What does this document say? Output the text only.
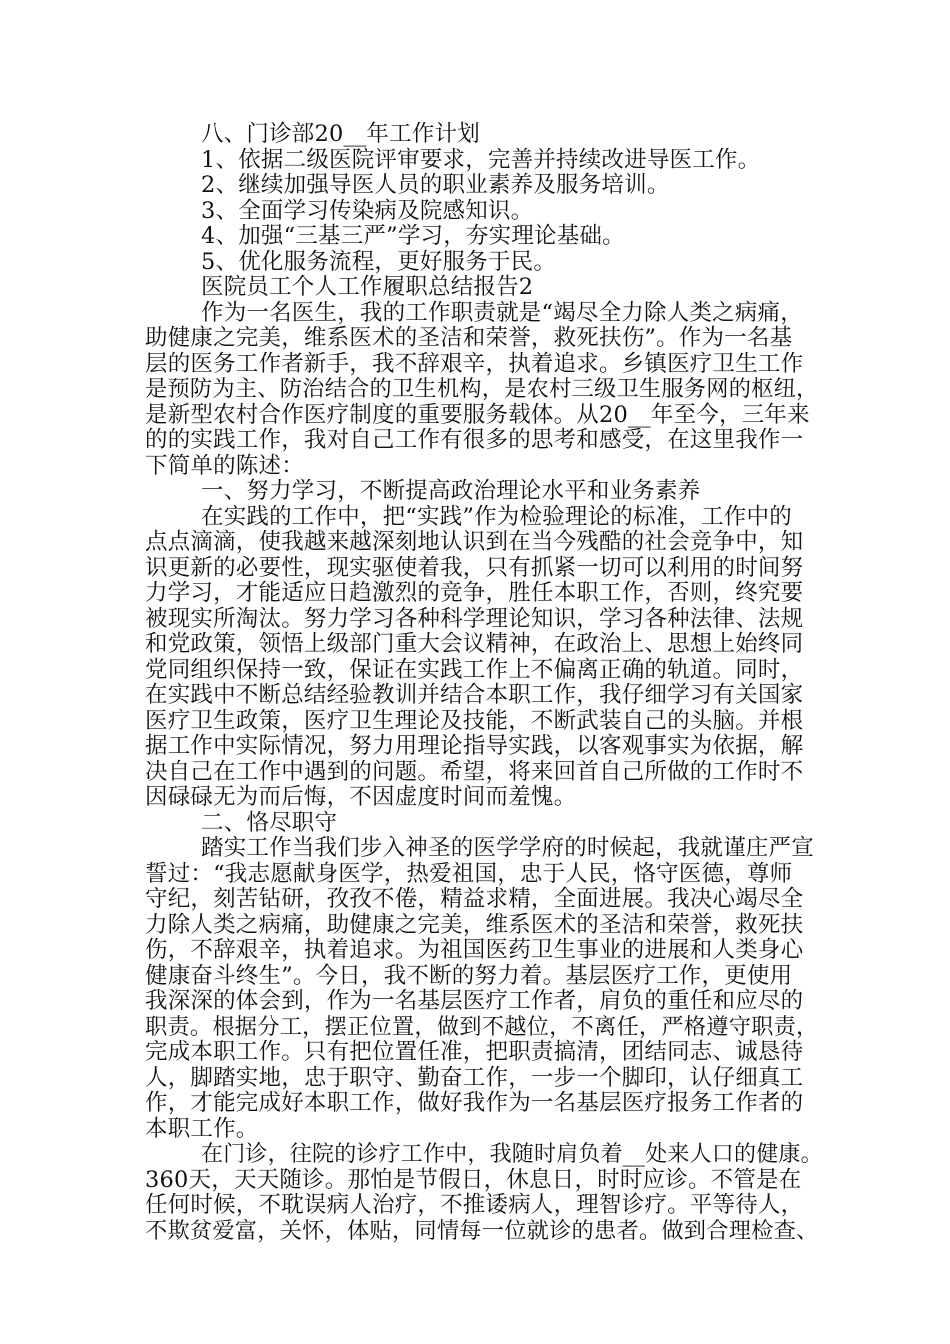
八、门诊部20__年工作计划
1、依据二级医院评审要求，完善并持续改进导医工作。
2、继续加强导医人员的职业素养及服务培训。
3、全面学习传染病及院感知识。
4、加强“三基三严”学习，夯实理论基础。
5、优化服务流程，更好服务于民。
医院员工个人工作履职总结报告2
作为一名医生，我的工作职责就是“竭尽全力除人类之病痛，
助健康之完美，维系医术的圣洁和荣誉，救死扶伤”。作为一名基
层的医务工作者新手，我不辞艰辛，执着追求。乡镇医疗卫生工作
是预防为主、防治结合的卫生机构，是农村三级卫生服务网的枢纽，
是新型农村合作医疗制度的重要服务载体。从20__年至今，三年来
的的实践工作，我对自己工作有很多的思考和感受，在这里我作一
下简单的陈述：
一、努力学习，不断提高政治理论水平和业务素养
在实践的工作中，把“实践”作为检验理论的标准，工作中的
点点滴滴，使我越来越深刻地认识到在当今残酷的社会竞争中，知
识更新的必要性，现实驱使着我，只有抓紧一切可以利用的时间努
力学习，才能适应日趋激烈的竞争，胜任本职工作，否则，终究要
被现实所淘汰。努力学习各种科学理论知识，学习各种法律、法规
和党政策，领悟上级部门重大会议精神，在政治上、思想上始终同
党同组织保持一致，保证在实践工作上不偏离正确的轨道。同时，
在实践中不断总结经验教训并结合本职工作，我仔细学习有关国家
医疗卫生政策，医疗卫生理论及技能，不断武装自己的头脑。并根
据工作中实际情况，努力用理论指导实践，以客观事实为依据，解
决自己在工作中遇到的问题。希望，将来回首自己所做的工作时不
因碌碌无为而后悔，不因虚度时间而羞愧。
二、恪尽职守
踏实工作当我们步入神圣的医学学府的时候起，我就谨庄严宣
誓过：“我志愿献身医学，热爱祖国，忠于人民，恪守医德，尊师
守纪，刻苦钻研，孜孜不倦，精益求精，全面进展。我决心竭尽全
力除人类之病痛，助健康之完美，维系医术的圣洁和荣誉，救死扶
伤，不辞艰辛，执着追求。为祖国医药卫生事业的进展和人类身心
健康奋斗终生”。今日，我不断的努力着。基层医疗工作，更使用
我深深的体会到，作为一名基层医疗工作者，肩负的重任和应尽的
职责。根据分工，摆正位置，做到不越位，不离任，严格遵守职责，
完成本职工作。只有把位置任准，把职责搞清，团结同志、诚恳待
人，脚踏实地，忠于职守、勤奋工作，一步一个脚印，认仔细真工
作，才能完成好本职工作，做好我作为一名基层医疗报务工作者的
本职工作。
在门诊，往院的诊疗工作中，我随时肩负着__处来人口的健康。
360天，天天随诊。那怕是节假日，休息日，时时应诊。不管是在
任何时候，不耽误病人治疗，不推诿病人，理智诊疗。平等待人，
不欺贫爱富，关怀，体贴，同情每一位就诊的患者。做到合理检查、
